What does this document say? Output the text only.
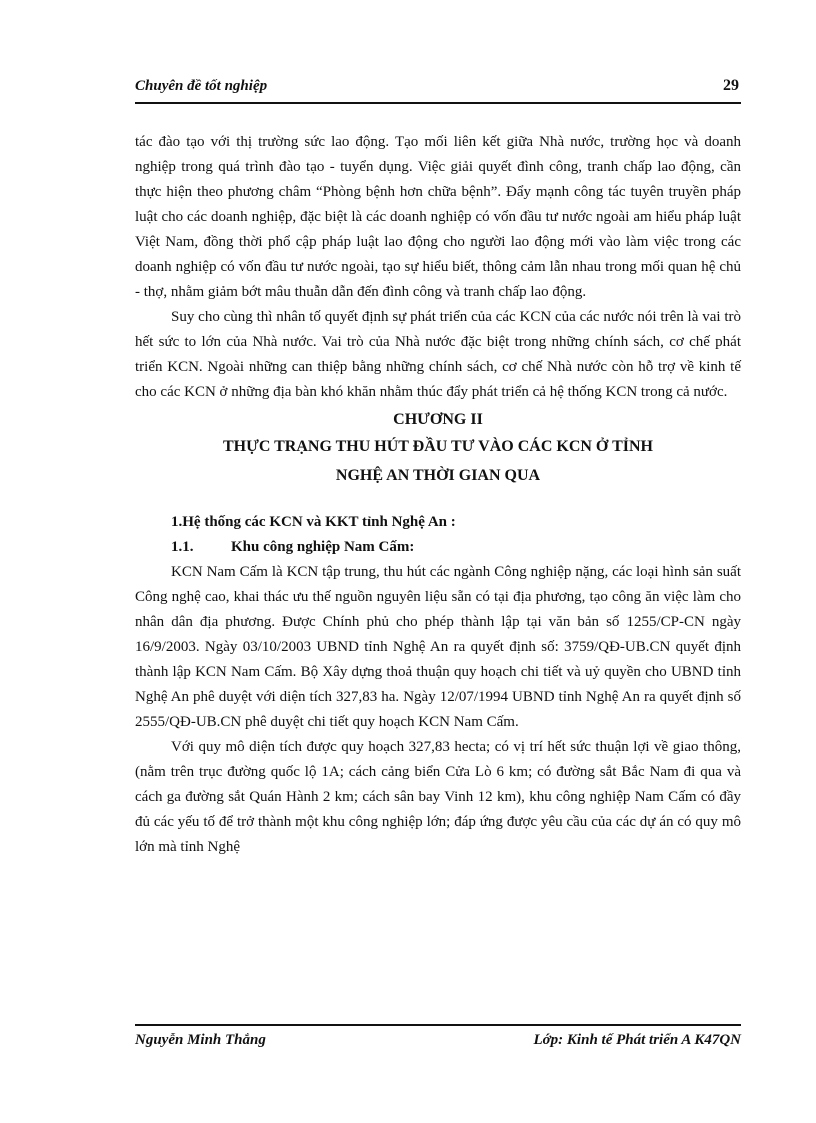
Chuyên đề tốt nghiệp	29

tác đào tạo với thị trường sức lao động. Tạo mối liên kết giữa Nhà nước, trường học và doanh nghiệp trong quá trình đào tạo - tuyển dụng. Việc giải quyết đình công, tranh chấp lao động, cần thực hiện theo phương châm “Phòng bệnh hơn chữa bệnh”. Đẩy mạnh công tác tuyên truyền pháp luật cho các doanh nghiệp, đặc biệt là các doanh nghiệp có vốn đầu tư nước ngoài am hiểu pháp luật Việt Nam, đồng thời phổ cập pháp luật lao động cho người lao động mới vào làm việc trong các doanh nghiệp có vốn đầu tư nước ngoài, tạo sự hiểu biết, thông cảm lẫn nhau trong mối quan hệ chủ - thợ, nhằm giảm bớt mâu thuẫn dẫn đến đình công và tranh chấp lao động.

Suy cho cùng thì nhân tố quyết định sự phát triển của các KCN của các nước nói trên là vai trò hết sức to lớn của Nhà nước. Vai trò của Nhà nước đặc biệt trong những chính sách, cơ chế phát triển KCN. Ngoài những can thiệp bằng những chính sách, cơ chế Nhà nước còn hỗ trợ về kinh tế cho các KCN ở những địa bàn khó khăn nhằm thúc đẩy phát triển cả hệ thống KCN trong cả nước.

CHƯƠNG II
THỰC TRẠNG THU HÚT ĐẦU TƯ VÀO CÁC KCN Ở TỈNH
NGHỆ AN THỜI GIAN QUA
1.Hệ thống các KCN và KKT tỉnh Nghệ An :
1.1.	Khu công nghiệp Nam Cấm:

KCN Nam Cấm là KCN tập trung, thu hút các ngành Công nghiệp nặng, các loại hình sản suất Công nghệ cao, khai thác ưu thế nguồn nguyên liệu sẵn có tại địa phương, tạo công ăn việc làm cho nhân dân địa phương. Được Chính phủ cho phép thành lập tại văn bản số 1255/CP-CN ngày 16/9/2003. Ngày 03/10/2003 UBND tỉnh Nghệ An ra quyết định số: 3759/QĐ-UB.CN quyết định thành lập KCN Nam Cấm. Bộ Xây dựng thoả thuận quy hoạch chi tiết và uỷ quyền cho UBND tỉnh Nghệ An phê duyệt với diện tích 327,83 ha. Ngày 12/07/1994 UBND tỉnh Nghệ An ra quyết định số 2555/QĐ-UB.CN phê duyệt chi tiết quy hoạch KCN Nam Cấm.

Với quy mô diện tích được quy hoạch 327,83 hecta; có vị trí hết sức thuận lợi về giao thông, (nằm trên trục đường quốc lộ 1A; cách cảng biển Cửa Lò 6 km; có đường sắt Bắc Nam đi qua và cách ga đường sắt Quán Hành 2 km; cách sân bay Vinh 12 km), khu công nghiệp Nam Cấm có đầy đủ các yếu tố để trở thành một khu công nghiệp lớn; đáp ứng được yêu cầu của các dự án có quy mô lớn mà tỉnh Nghệ

Nguyễn Minh Thắng	Lớp: Kinh tế Phát triển A K47QN
